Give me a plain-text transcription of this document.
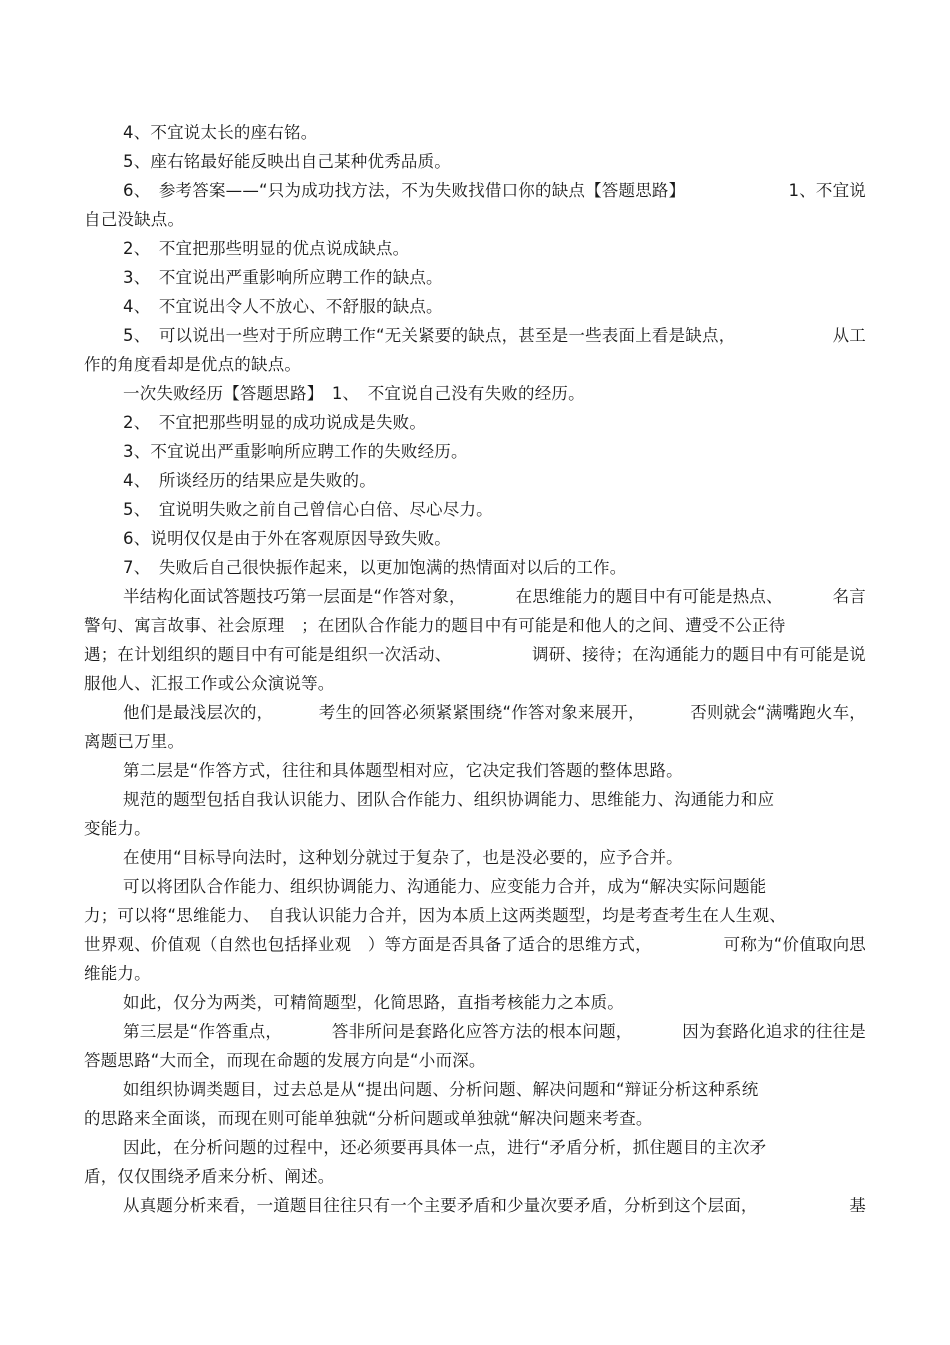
4、不宜说太长的座右铭。
5、座右铭最好能反映出自己某种优秀品质。
6、　参考答案——“只为成功找方法，不为失败找借口你的缺点【答题思路】	1、不宜说
自己没缺点。
2、　不宜把那些明显的优点说成缺点。
3、　不宜说出严重影响所应聘工作的缺点。
4、　不宜说出令人不放心、不舒服的缺点。
5、　可以说出一些对于所应聘工作“无关紧要的缺点，甚至是一些表面上看是缺点，	从工
作的角度看却是优点的缺点。
一次失败经历【答题思路】　1、　不宜说自己没有失败的经历。
2、　不宜把那些明显的成功说成是失败。
3、不宜说出严重影响所应聘工作的失败经历。
4、　所谈经历的结果应是失败的。
5、　宜说明失败之前自己曾信心白倍、尽心尽力。
6、说明仅仅是由于外在客观原因导致失败。
7、　失败后自己很快振作起来，以更加饱满的热情面对以后的工作。
半结构化面试答题技巧第一层面是“作答对象，	在思维能力的题目中有可能是热点、	名言
警句、寓言故事、社会原理　；在团队合作能力的题目中有可能是和他人的之间、遭受不公正待
遇；在计划组织的题目中有可能是组织一次活动、	调研、接待；在沟通能力的题目中有可能是说
服他人、汇报工作或公众演说等。
他们是最浅层次的，	考生的回答必须紧紧围绕“作答对象来展开，	否则就会“满嘴跑火车，
离题已万里。
第二层是“作答方式，往往和具体题型相对应，它决定我们答题的整体思路。
规范的题型包括自我认识能力、团队合作能力、组织协调能力、思维能力、沟通能力和应
变能力。
在使用“目标导向法时，这种划分就过于复杂了，也是没必要的，应予合并。
可以将团队合作能力、组织协调能力、沟通能力、应变能力合并，成为“解决实际问题能
力；可以将“思维能力、　自我认识能力合并，因为本质上这两类题型，均是考查考生在人生观、
世界观、价值观（自然也包括择业观　）等方面是否具备了适合的思维方式，	可称为“价值取向思
维能力。
如此，仅分为两类，可精简题型，化简思路，直指考核能力之本质。
第三层是“作答重点，	答非所问是套路化应答方法的根本问题，	因为套路化追求的往往是
答题思路“大而全，而现在命题的发展方向是“小而深。
如组织协调类题目，过去总是从“提出问题、分析问题、解决问题和“辩证分析这种系统
的思路来全面谈，而现在则可能单独就“分析问题或单独就“解决问题来考查。
因此，在分析问题的过程中，还必须要再具体一点，进行“矛盾分析，抓住题目的主次矛
盾，仅仅围绕矛盾来分析、阐述。
从真题分析来看，一道题目往往只有一个主要矛盾和少量次要矛盾，分析到这个层面，	基
